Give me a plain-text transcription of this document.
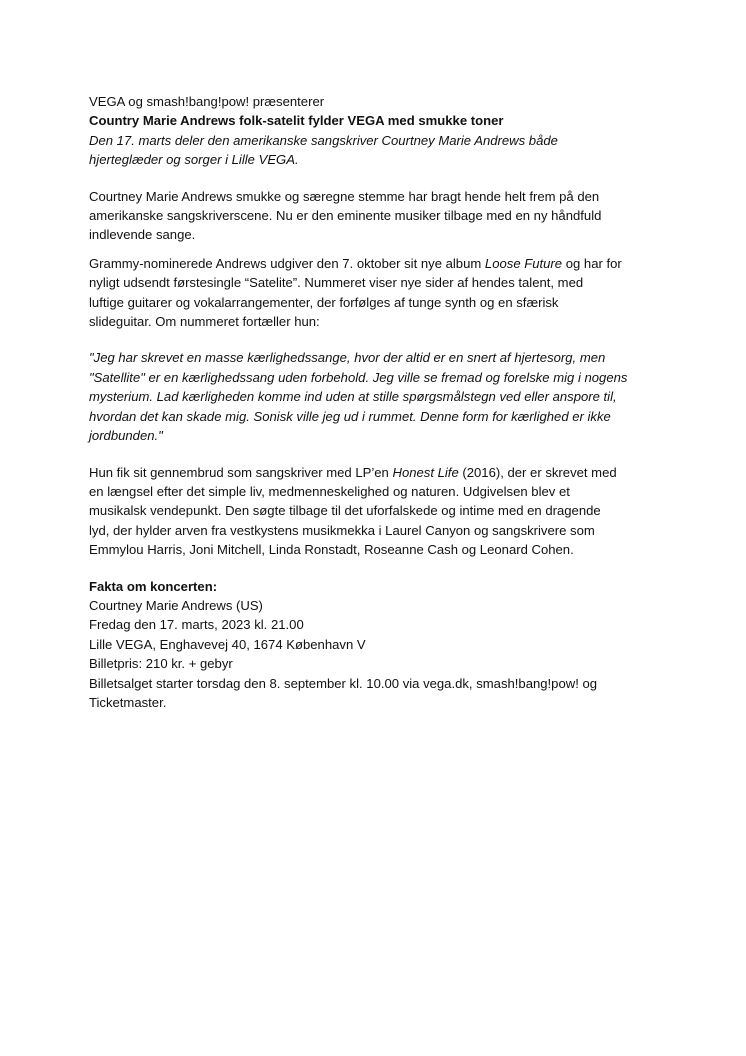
VEGA og smash!bang!pow! præsenterer
Country Marie Andrews folk-satelit fylder VEGA med smukke toner
Den 17. marts deler den amerikanske sangskriver Courtney Marie Andrews både
hjerteglæder og sorger i Lille VEGA.
Courtney Marie Andrews smukke og særegne stemme har bragt hende helt frem på den
amerikanske sangskriverscene. Nu er den eminente musiker tilbage med en ny håndfuld
indlevende sange.
Grammy-nominerede Andrews udgiver den 7. oktober sit nye album Loose Future og har for
nyligt udsendt førstesingle “Satelite”. Nummeret viser nye sider af hendes talent, med
luftige guitarer og vokalarrangementer, der forfølges af tunge synth og en sfærisk
slideguitar. Om nummeret fortæller hun:
"Jeg har skrevet en masse kærlighedssange, hvor der altid er en snert af hjertesorg, men
"Satellite" er en kærlighedssang uden forbehold. Jeg ville se fremad og forelske mig i nogens
mysterium. Lad kærligheden komme ind uden at stille spørgsmålstegn ved eller anspore til,
hvordan det kan skade mig. Sonisk ville jeg ud i rummet. Denne form for kærlighed er ikke
jordbunden."
Hun fik sit gennembrud som sangskriver med LP’en Honest Life (2016), der er skrevet med
en længsel efter det simple liv, medmenneskelighed og naturen. Udgivelsen blev et
musikalsk vendepunkt. Den søgte tilbage til det uforfalskede og intime med en dragende
lyd, der hylder arven fra vestkystens musikmekka i Laurel Canyon og sangskrivere som
Emmylou Harris, Joni Mitchell, Linda Ronstadt, Roseanne Cash og Leonard Cohen.
Fakta om koncerten:
Courtney Marie Andrews (US)
Fredag den 17. marts, 2023 kl. 21.00
Lille VEGA, Enghavevej 40, 1674 København V
Billetpris: 210 kr. + gebyr
Billetsalget starter torsdag den 8. september kl. 10.00 via vega.dk, smash!bang!pow! og
Ticketmaster.
